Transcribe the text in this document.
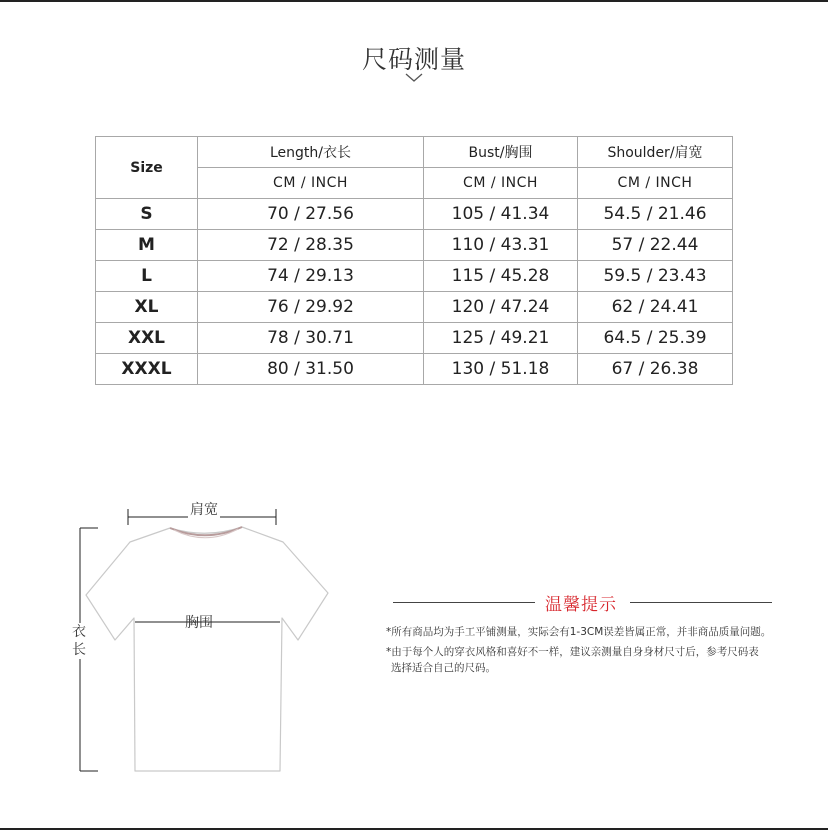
尺码测量
Size	Length/衣长	Bust/胸围	Shoulder/肩宽
	CM / INCH	CM / INCH	CM / INCH
S	70 / 27.56	105 / 41.34	54.5 / 21.46
M	72 / 28.35	110 / 43.31	57 / 22.44
L	74 / 29.13	115 / 45.28	59.5 / 23.43
XL	76 / 29.92	120 / 47.24	62 / 24.41
XXL	78 / 30.71	125 / 49.21	64.5 / 25.39
XXXL	80 / 31.50	130 / 51.18	67 / 26.38
肩宽
胸围
衣
长
温馨提示
*所有商品均为手工平铺测量，实际会有1-3CM误差皆属正常，并非商品质量问题。
*由于每个人的穿衣风格和喜好不一样，建议亲测量自身身材尺寸后，参考尺码表
选择适合自己的尺码。
